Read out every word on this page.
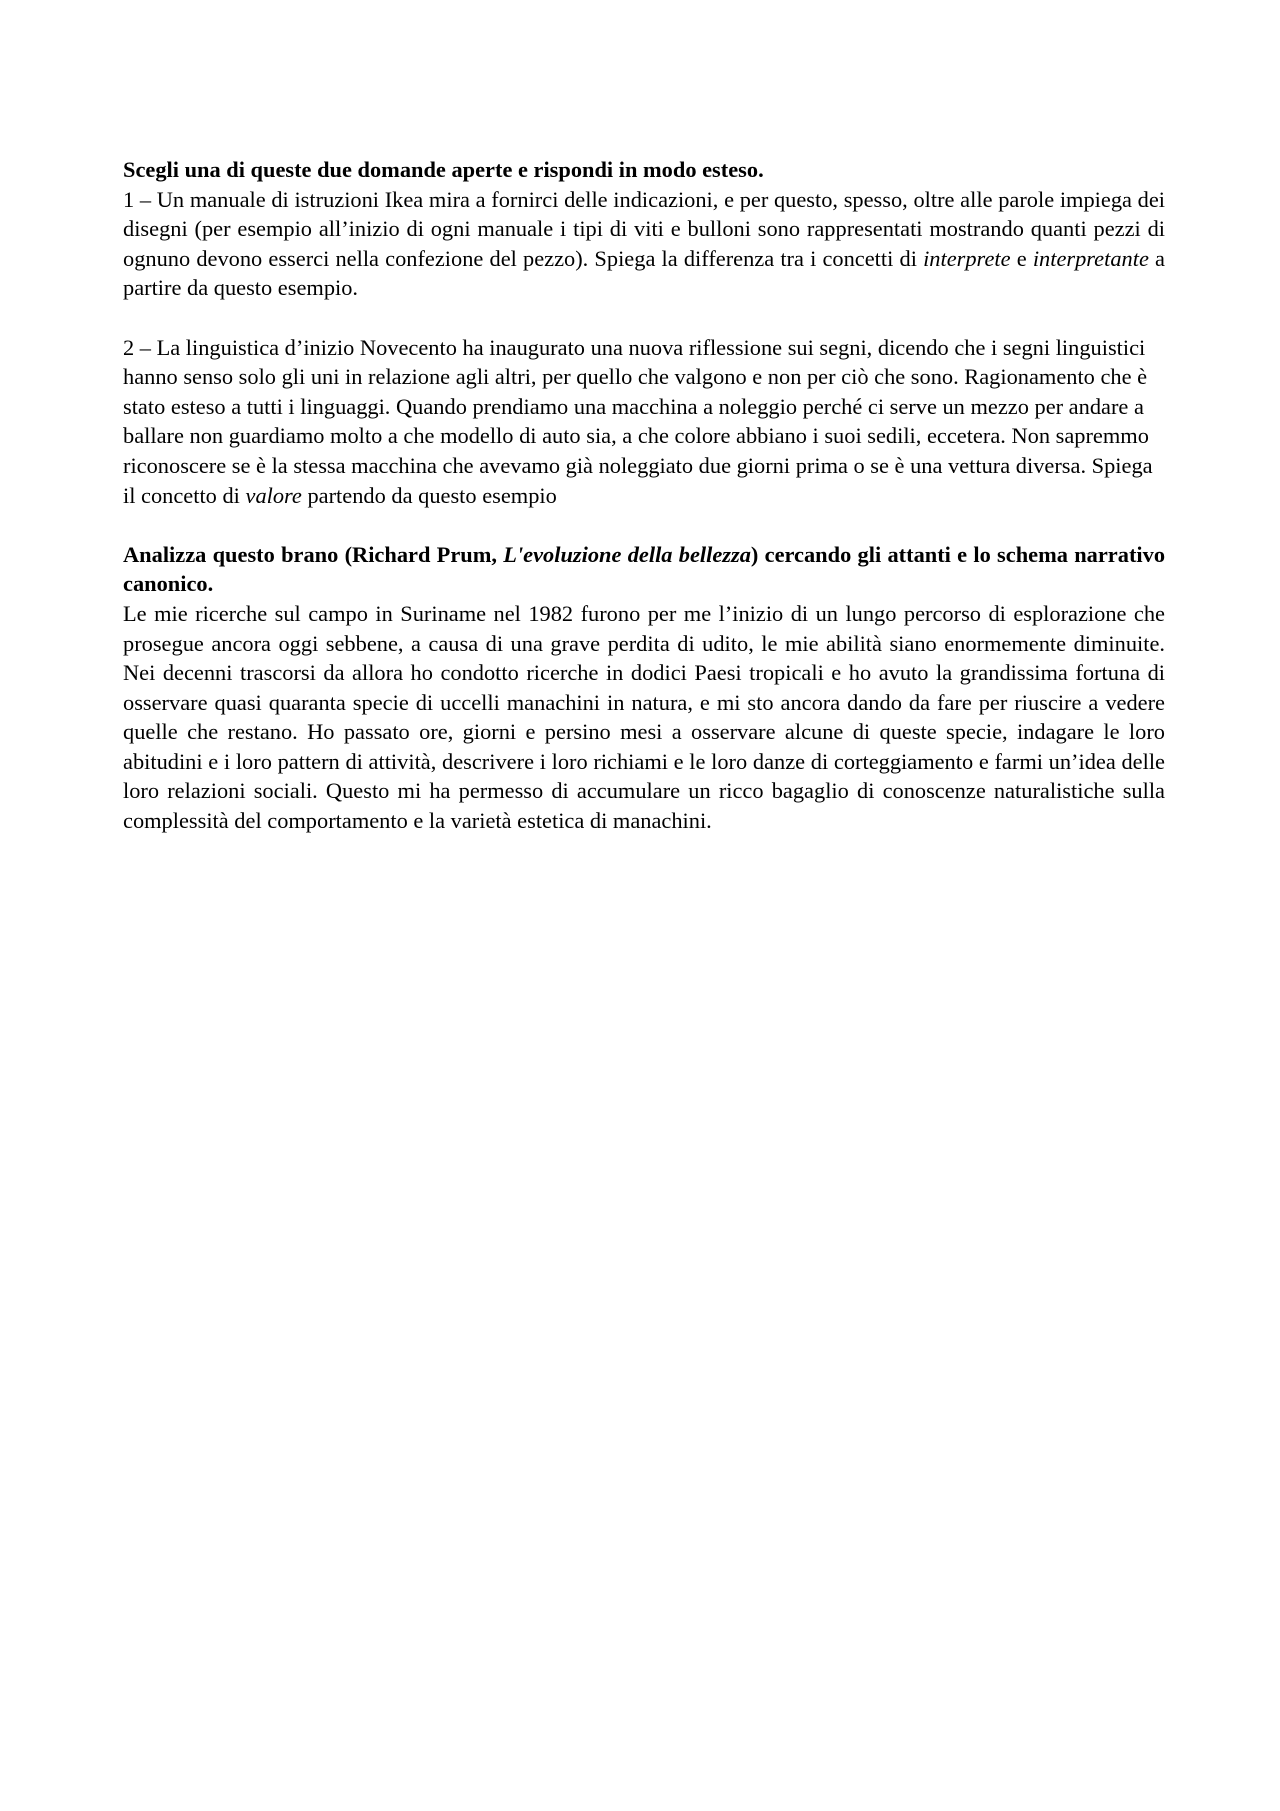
Scegli una di queste due domande aperte e rispondi in modo esteso.

1 – Un manuale di istruzioni Ikea mira a fornirci delle indicazioni, e per questo, spesso, oltre alle parole impiega dei disegni (per esempio all’inizio di ogni manuale i tipi di viti e bulloni sono rappresentati mostrando quanti pezzi di ognuno devono esserci nella confezione del pezzo). Spiega la differenza tra i concetti di interprete e interpretante a partire da questo esempio.

2 – La linguistica d’inizio Novecento ha inaugurato una nuova riflessione sui segni, dicendo che i segni linguistici hanno senso solo gli uni in relazione agli altri, per quello che valgono e non per ciò che sono. Ragionamento che è stato esteso a tutti i linguaggi. Quando prendiamo una macchina a noleggio perché ci serve un mezzo per andare a ballare non guardiamo molto a che modello di auto sia, a che colore abbiano i suoi sedili, eccetera. Non sapremmo riconoscere se è la stessa macchina che avevamo già noleggiato due giorni prima o se è una vettura diversa. Spiega il concetto di valore partendo da questo esempio

Analizza questo brano (Richard Prum, L'evoluzione della bellezza) cercando gli attanti e lo schema narrativo canonico.

Le mie ricerche sul campo in Suriname nel 1982 furono per me l’inizio di un lungo percorso di esplorazione che prosegue ancora oggi sebbene, a causa di una grave perdita di udito, le mie abilità siano enormemente diminuite. Nei decenni trascorsi da allora ho condotto ricerche in dodici Paesi tropicali e ho avuto la grandissima fortuna di osservare quasi quaranta specie di uccelli manachini in natura, e mi sto ancora dando da fare per riuscire a vedere quelle che restano. Ho passato ore, giorni e persino mesi a osservare alcune di queste specie, indagare le loro abitudini e i loro pattern di attività, descrivere i loro richiami e le loro danze di corteggiamento e farmi un’idea delle loro relazioni sociali. Questo mi ha permesso di accumulare un ricco bagaglio di conoscenze naturalistiche sulla complessità del comportamento e la varietà estetica di manachini.
